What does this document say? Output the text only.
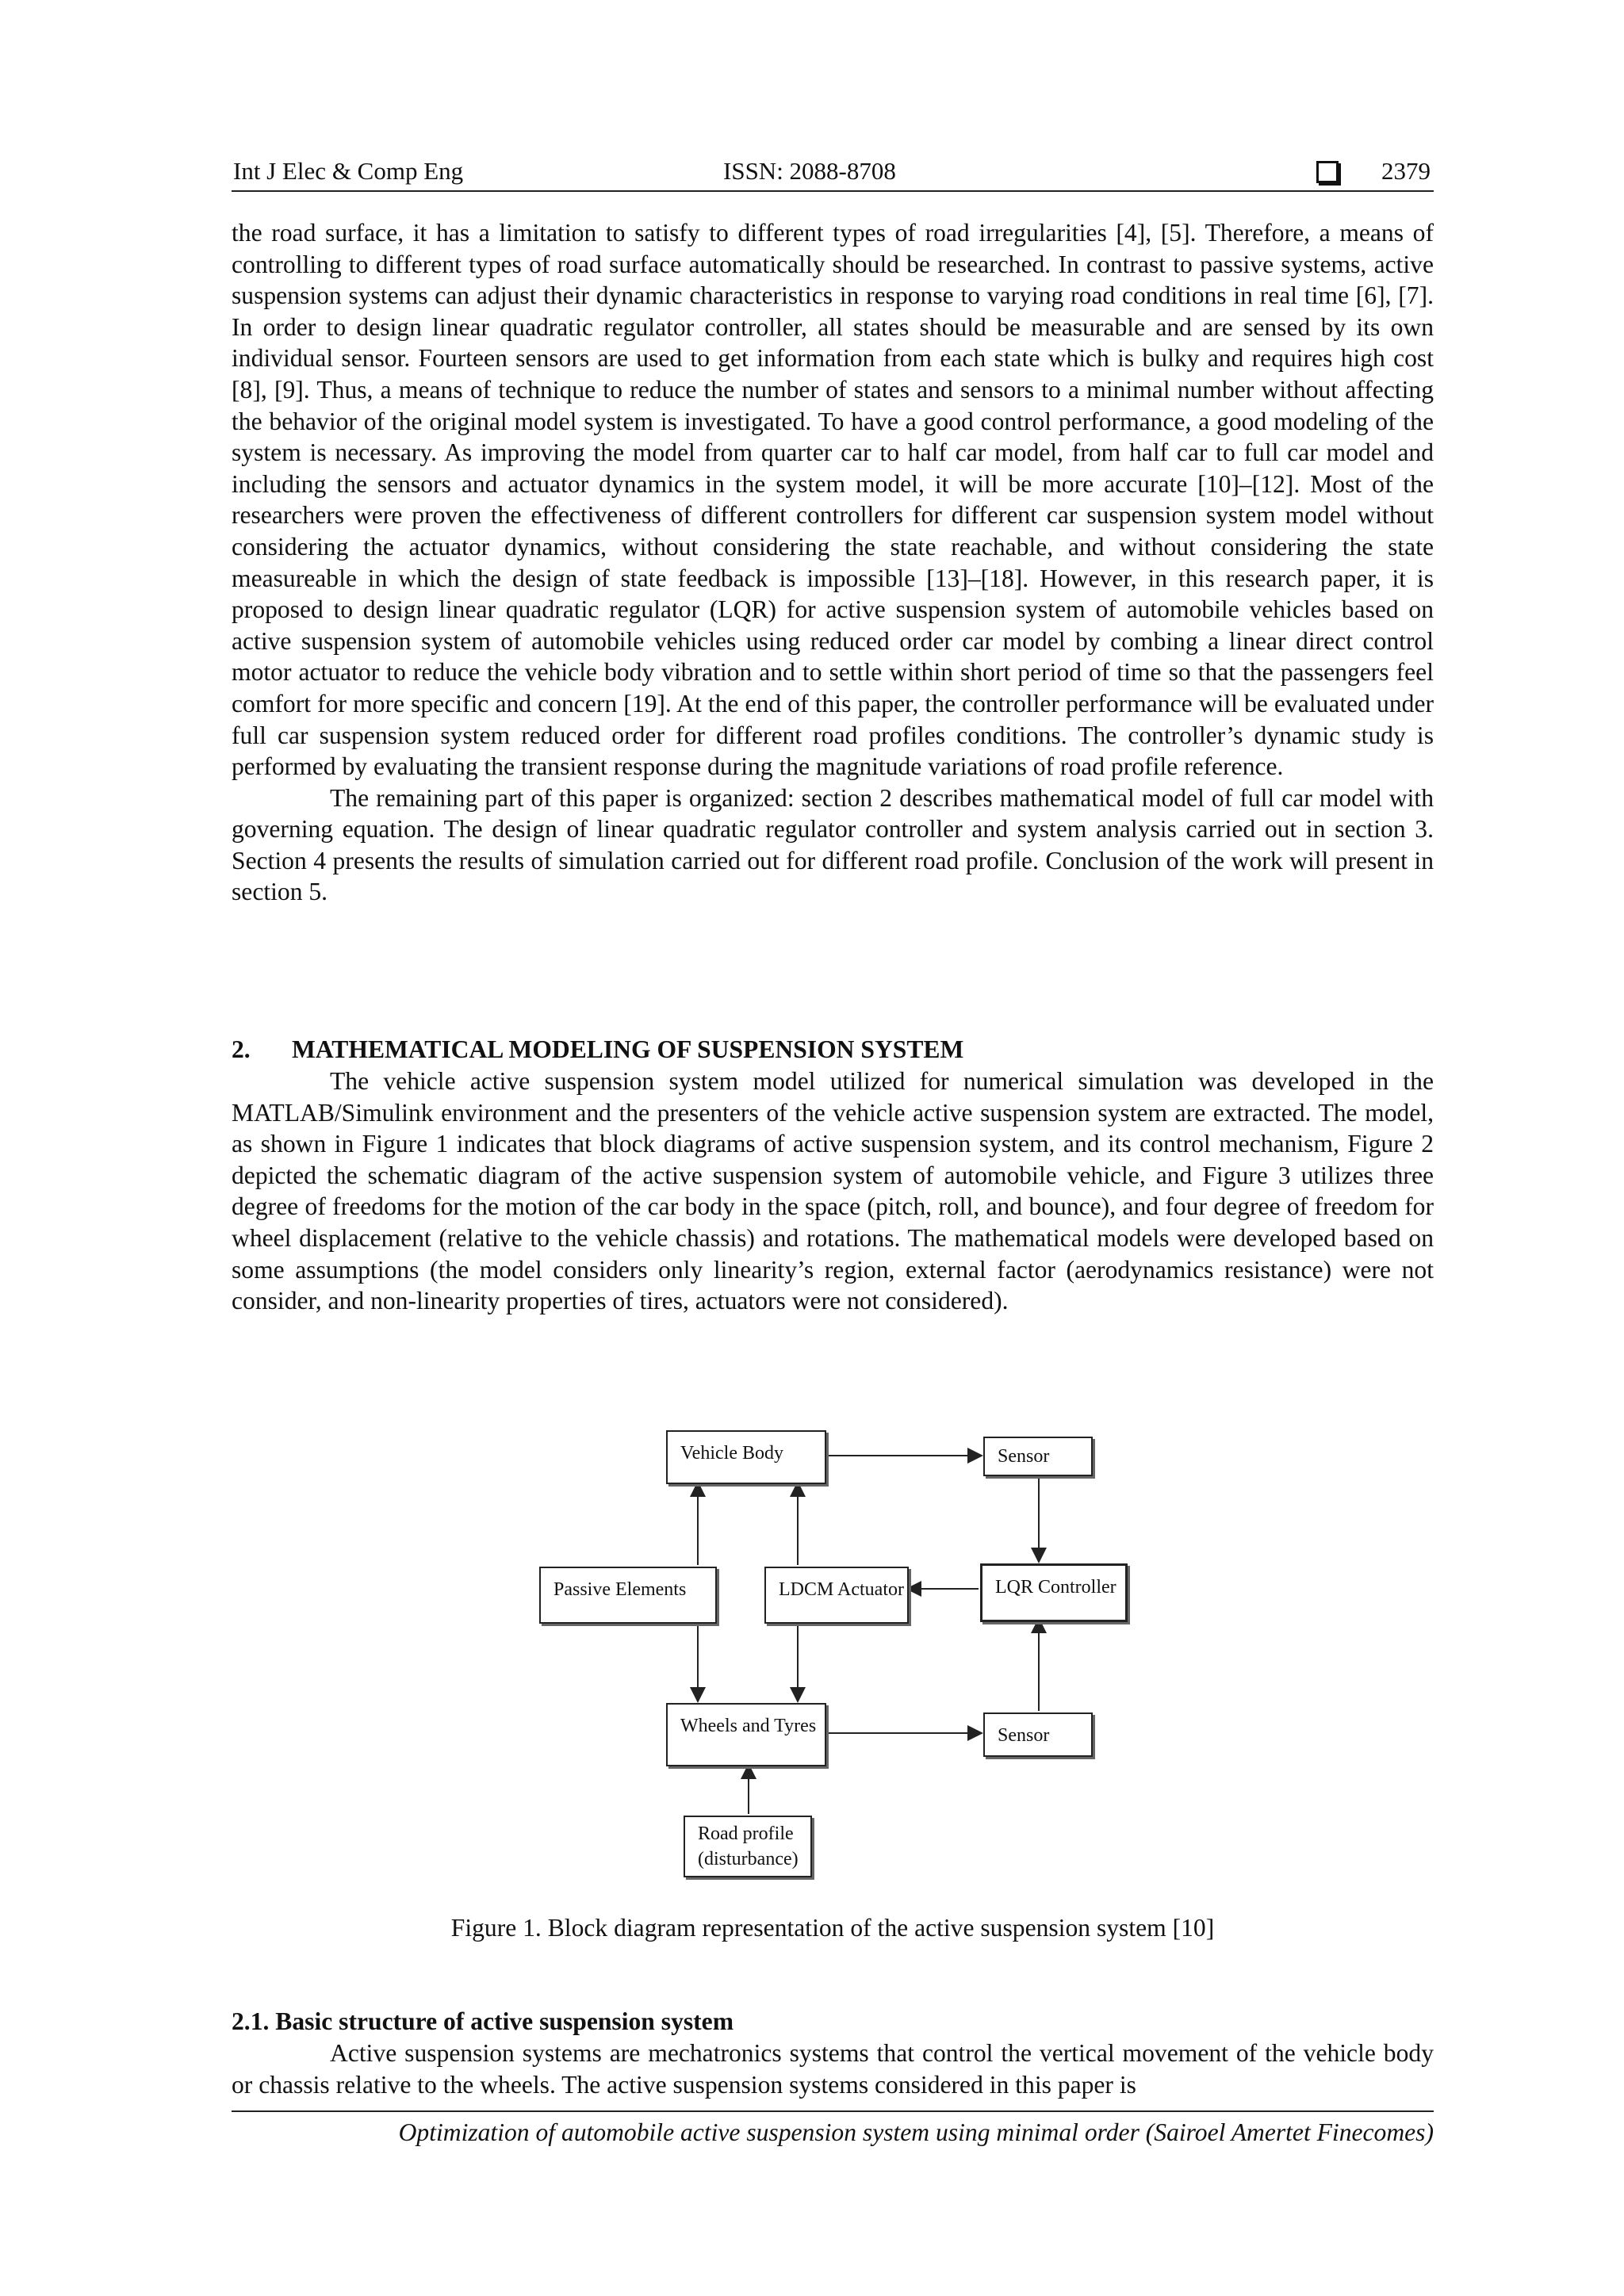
Int J Elec & Comp Eng	ISSN: 2088-8708	2379

the road surface, it has a limitation to satisfy to different types of road irregularities [4], [5]. Therefore, a means of controlling to different types of road surface automatically should be researched. In contrast to passive systems, active suspension systems can adjust their dynamic characteristics in response to varying road conditions in real time [6], [7]. In order to design linear quadratic regulator controller, all states should be measurable and are sensed by its own individual sensor. Fourteen sensors are used to get information from each state which is bulky and requires high cost [8], [9]. Thus, a means of technique to reduce the number of states and sensors to a minimal number without affecting the behavior of the original model system is investigated. To have a good control performance, a good modeling of the system is necessary. As improving the model from quarter car to half car model, from half car to full car model and including the sensors and actuator dynamics in the system model, it will be more accurate [10]–[12]. Most of the researchers were proven the effectiveness of different controllers for different car suspension system model without considering the actuator dynamics, without considering the state reachable, and without considering the state measureable in which the design of state feedback is impossible [13]–[18]. However, in this research paper, it is proposed to design linear quadratic regulator (LQR) for active suspension system of automobile vehicles based on active suspension system of automobile vehicles using reduced order car model by combing a linear direct control motor actuator to reduce the vehicle body vibration and to settle within short period of time so that the passengers feel comfort for more specific and concern [19]. At the end of this paper, the controller performance will be evaluated under full car suspension system reduced order for different road profiles conditions. The controller’s dynamic study is performed by evaluating the transient response during the magnitude variations of road profile reference.

The remaining part of this paper is organized: section 2 describes mathematical model of full car model with governing equation. The design of linear quadratic regulator controller and system analysis carried out in section 3. Section 4 presents the results of simulation carried out for different road profile. Conclusion of the work will present in section 5.

2. MATHEMATICAL MODELING OF SUSPENSION SYSTEM

The vehicle active suspension system model utilized for numerical simulation was developed in the MATLAB/Simulink environment and the presenters of the vehicle active suspension system are extracted. The model, as shown in Figure 1 indicates that block diagrams of active suspension system, and its control mechanism, Figure 2 depicted the schematic diagram of the active suspension system of automobile vehicle, and Figure 3 utilizes three degree of freedoms for the motion of the car body in the space (pitch, roll, and bounce), and four degree of freedom for wheel displacement (relative to the vehicle chassis) and rotations. The mathematical models were developed based on some assumptions (the model considers only linearity’s region, external factor (aerodynamics resistance) were not consider, and non-linearity properties of tires, actuators were not considered).

Vehicle Body	Sensor
Passive Elements	LDCM Actuator	LQR Controller
Wheels and Tyres	Sensor
Road profile
(disturbance)
Figure 1. Block diagram representation of the active suspension system [10]
2.1. Basic structure of active suspension system

Active suspension systems are mechatronics systems that control the vertical movement of the vehicle body or chassis relative to the wheels. The active suspension systems considered in this paper is

Optimization of automobile active suspension system using minimal order (Sairoel Amertet Finecomes)
